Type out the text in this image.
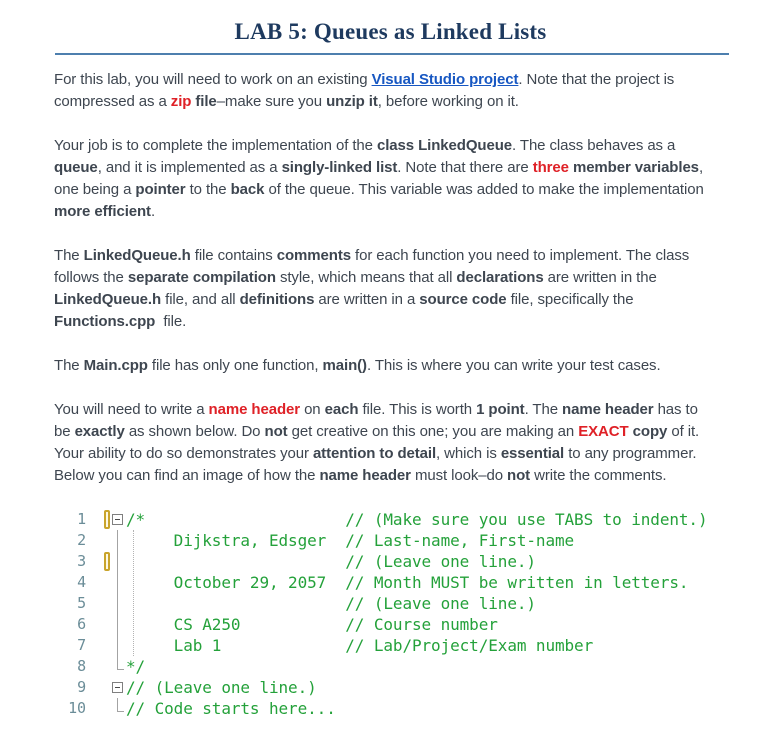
LAB 5: Queues as Linked Lists
For this lab, you will need to work on an existing Visual Studio project. Note that the project is
compressed as a zip file–make sure you unzip it, before working on it.
Your job is to complete the implementation of the class LinkedQueue. The class behaves as a
queue, and it is implemented as a singly-linked list. Note that there are three member variables,
one being a pointer to the back of the queue. This variable was added to make the implementation
more efficient.
The LinkedQueue.h file contains comments for each function you need to implement. The class
follows the separate compilation style, which means that all declarations are written in the
LinkedQueue.h file, and all definitions are written in a source code file, specifically the
Functions.cpp  file.
The Main.cpp file has only one function, main(). This is where you can write your test cases.
You will need to write a name header on each file. This is worth 1 point. The name header has to
be exactly as shown below. Do not get creative on this one; you are making an EXACT copy of it.
Your ability to do so demonstrates your attention to detail, which is essential to any programmer.
Below you can find an image of how the name header must look–do not write the comments.
1	/*                     // (Make sure you use TABS to indent.)
2	Dijkstra, Edsger  // Last-name, First-name
3	// (Leave one line.)
4	October 29, 2057  // Month MUST be written in letters.
5	// (Leave one line.)
6	CS A250           // Course number
7	Lab 1             // Lab/Project/Exam number
8	*/
9	// (Leave one line.)
10	// Code starts here...
